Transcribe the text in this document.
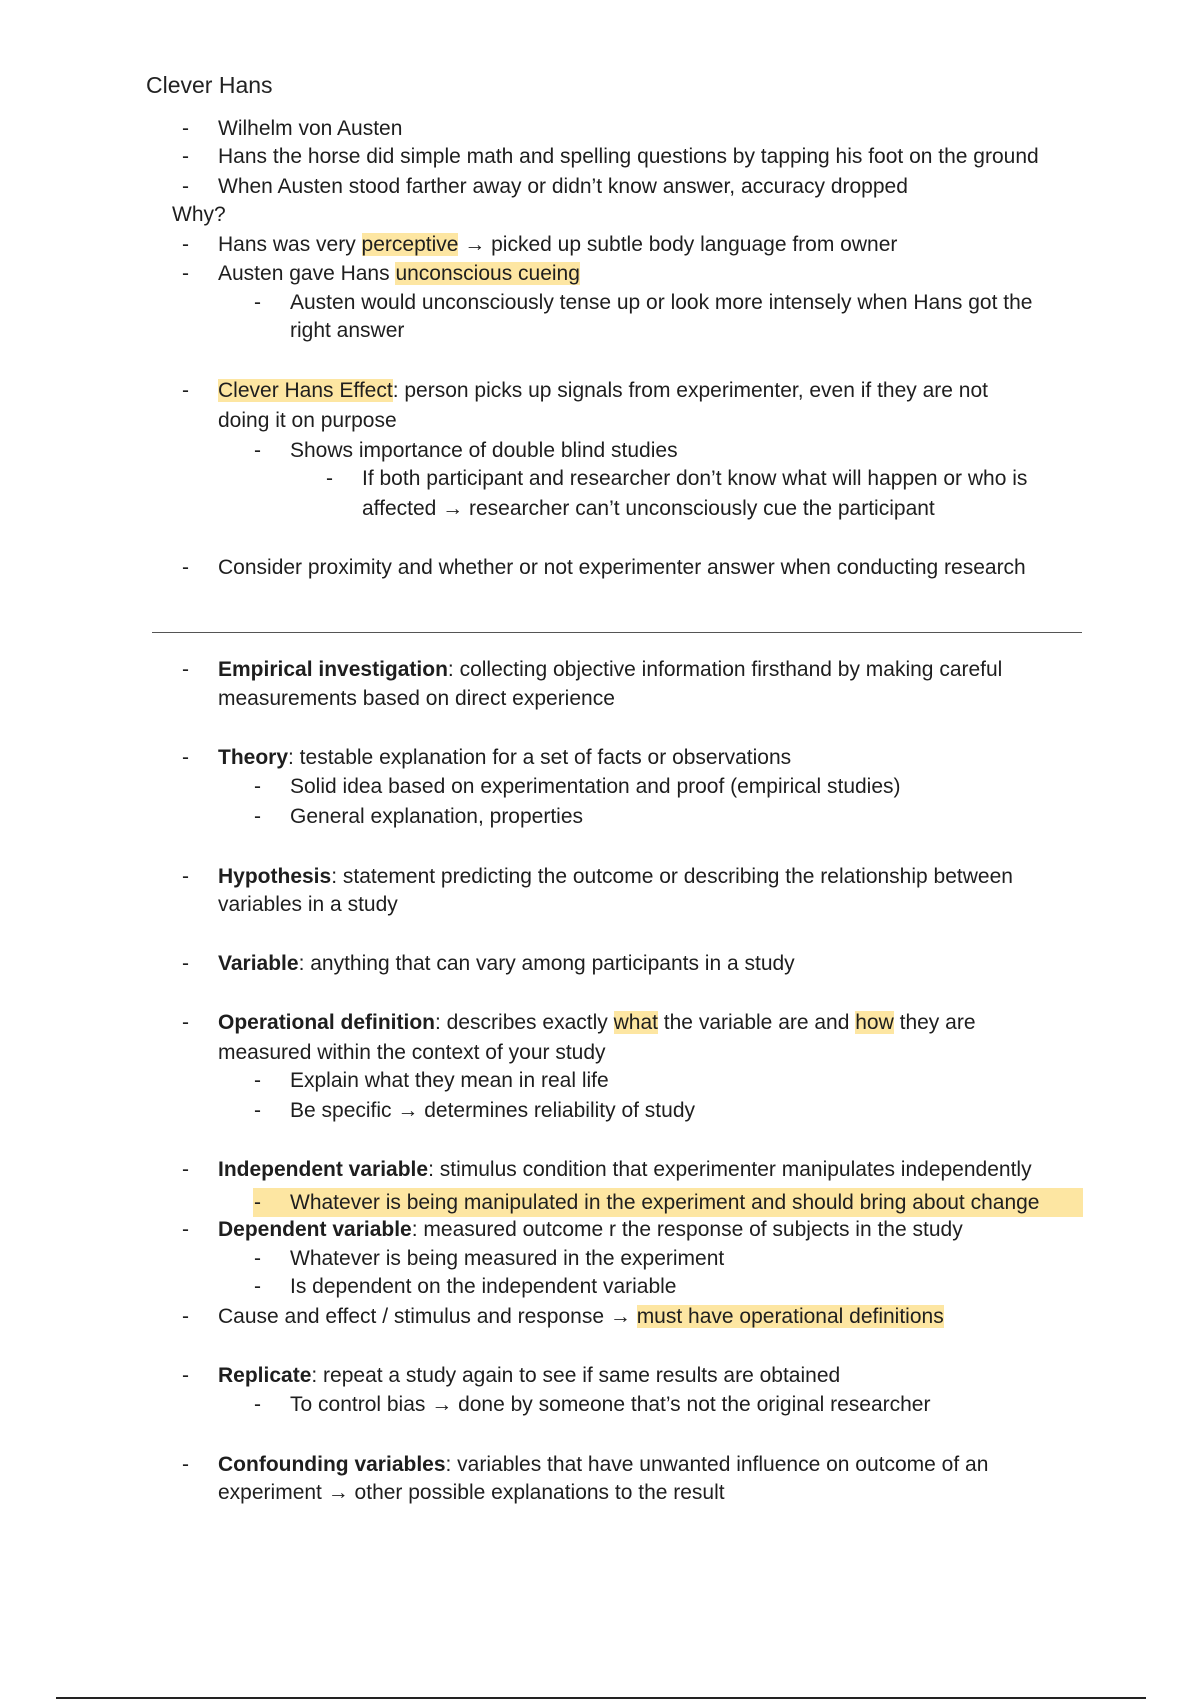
Clever Hans
- Wilhelm von Austen
- Hans the horse did simple math and spelling questions by tapping his foot on the ground
- When Austen stood farther away or didn’t know answer, accuracy dropped
Why?
- Hans was very perceptive → picked up subtle body language from owner
- Austen gave Hans unconscious cueing
- Austen would unconsciously tense up or look more intensely when Hans got the
right answer
- Clever Hans Effect: person picks up signals from experimenter, even if they are not
doing it on purpose
- Shows importance of double blind studies
- If both participant and researcher don’t know what will happen or who is
affected → researcher can’t unconsciously cue the participant
- Consider proximity and whether or not experimenter answer when conducting research
- Empirical investigation: collecting objective information firsthand by making careful
measurements based on direct experience
- Theory: testable explanation for a set of facts or observations
- Solid idea based on experimentation and proof (empirical studies)
- General explanation, properties
- Hypothesis: statement predicting the outcome or describing the relationship between
variables in a study
- Variable: anything that can vary among participants in a study
- Operational definition: describes exactly what the variable are and how they are
measured within the context of your study
- Explain what they mean in real life
- Be specific → determines reliability of study
- Independent variable: stimulus condition that experimenter manipulates independently
- Whatever is being manipulated in the experiment and should bring about change
- Dependent variable: measured outcome r the response of subjects in the study
- Whatever is being measured in the experiment
- Is dependent on the independent variable
- Cause and effect / stimulus and response → must have operational definitions
- Replicate: repeat a study again to see if same results are obtained
- To control bias → done by someone that’s not the original researcher
- Confounding variables: variables that have unwanted influence on outcome of an
experiment → other possible explanations to the result
